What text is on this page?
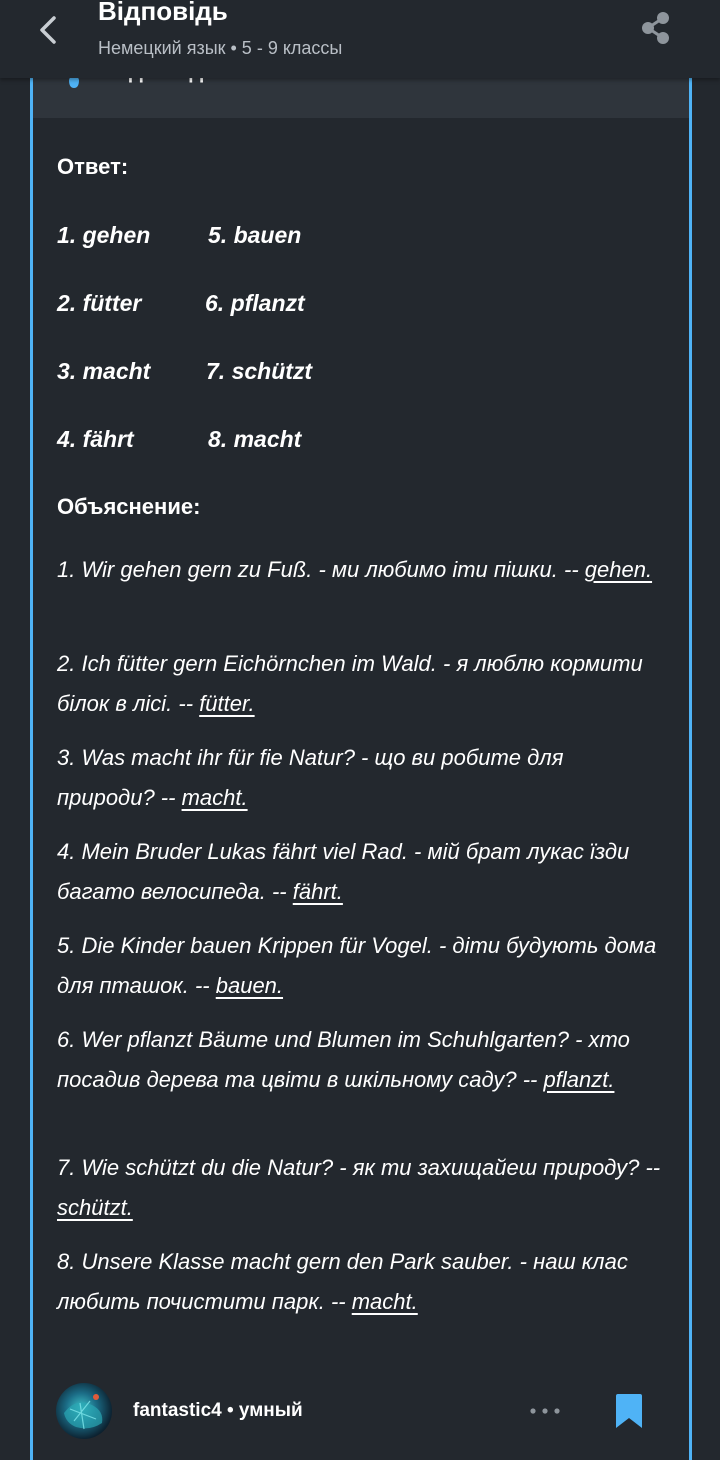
Ответ:
1. gehen	5. bauen
2. fütter	6. pflanzt
3. macht 7. schützt
4. fährt	8. macht
Объяснение:
1. Wir gehen gern zu Fuß. - ми любимо іти пішки. -- gehen.
2. Ich fütter gern Eichörnchen im Wald. - я люблю кормити білок в лісі. -- fütter.
3. Was macht ihr für fie Natur? - що ви робите для природи? -- macht.
4. Mein Bruder Lukas fährt viel Rad. - мій брат лукас їзди багато велосипеда. -- fährt.
5. Die Kinder bauen Krippen für Vogel. - діти будують дома для пташок. -- bauen.
6. Wer pflanzt Bäume und Blumen im Schuhlgarten? - хто посадив дерева та цвіти в шкільному саду? -- pflanzt.
7. Wie schützt du die Natur? - як ти захищайеш природу? -- schützt.
8. Unsere Klasse macht gern den Park sauber. - наш клас любить почистити парк. -- macht.
Відповідь
Немецкий язык • 5 - 9 классы
fantastic4 • умный
